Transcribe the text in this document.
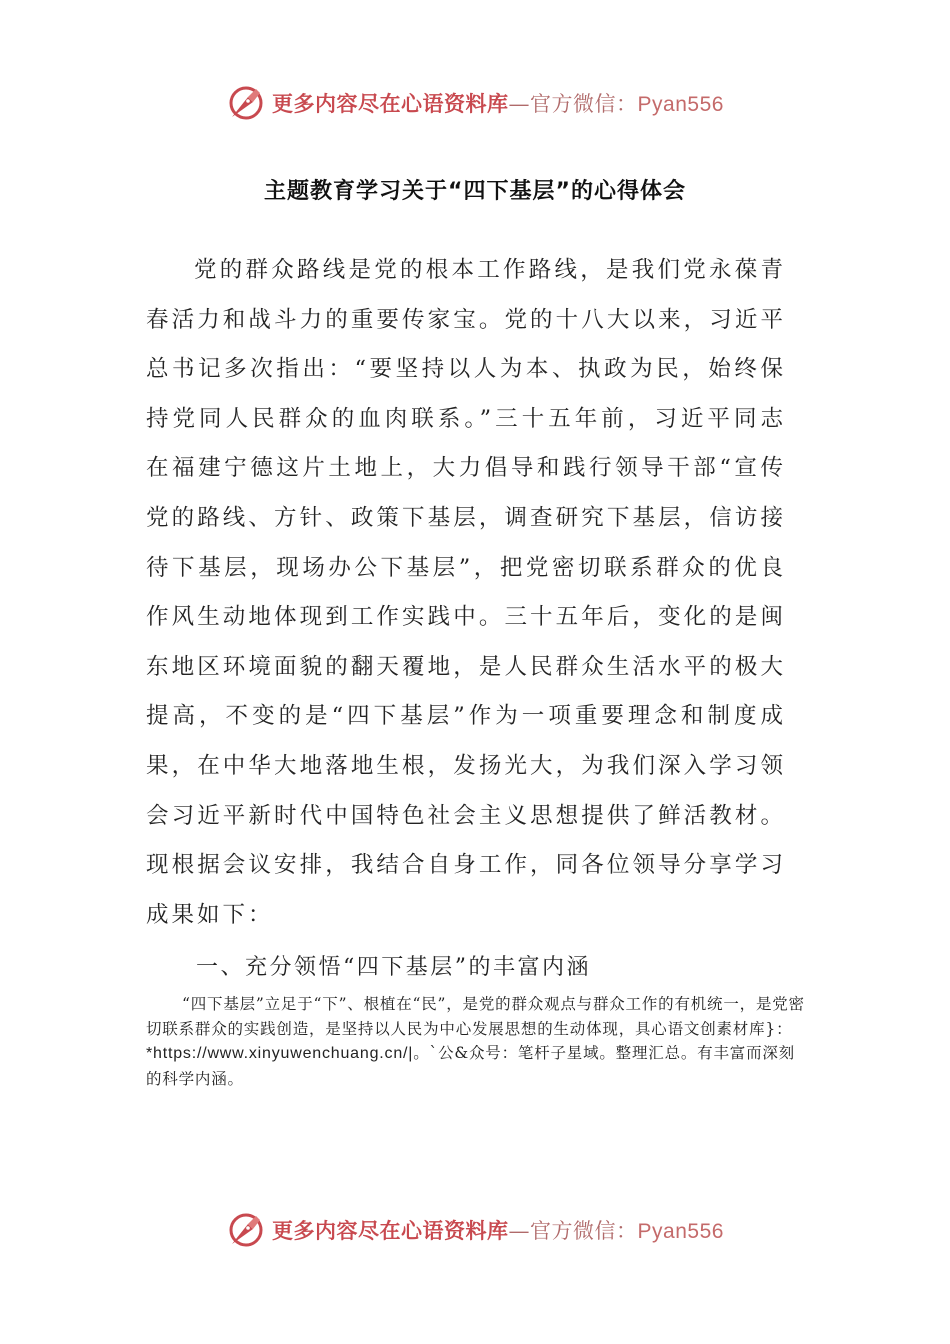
更多内容尽在心语资料库—官方微信：Pyan556
主题教育学习关于“四下基层”的心得体会

党的群众路线是党的根本工作路线，是我们党永葆青春活力和战斗力的重要传家宝。党的十八大以来，习近平总书记多次指出：“要坚持以人为本、执政为民，始终保持党同人民群众的血肉联系。”三十五年前，习近平同志在福建宁德这片土地上，大力倡导和践行领导干部“宣传党的路线、方针、政策下基层，调查研究下基层，信访接待下基层，现场办公下基层”，把党密切联系群众的优良作风生动地体现到工作实践中。三十五年后，变化的是闽东地区环境面貌的翻天覆地，是人民群众生活水平的极大提高，不变的是“四下基层”作为一项重要理念和制度成果，在中华大地落地生根，发扬光大，为我们深入学习领会习近平新时代中国特色社会主义思想提供了鲜活教材。现根据会议安排，我结合自身工作，同各位领导分享学习成果如下：

一、充分领悟“四下基层”的丰富内涵

“四下基层”立足于“下”、根植在“民”，是党的群众观点与群众工作的有机统一，是党密切联系群众的实践创造，是坚持以人民为中心发展思想的生动体现，具心语文创素材库}：*https://www.xinyuwenchuang.cn/|。`公&众号：笔杆子星域。整理汇总。有丰富而深刻的科学内涵。

更多内容尽在心语资料库—官方微信：Pyan556
